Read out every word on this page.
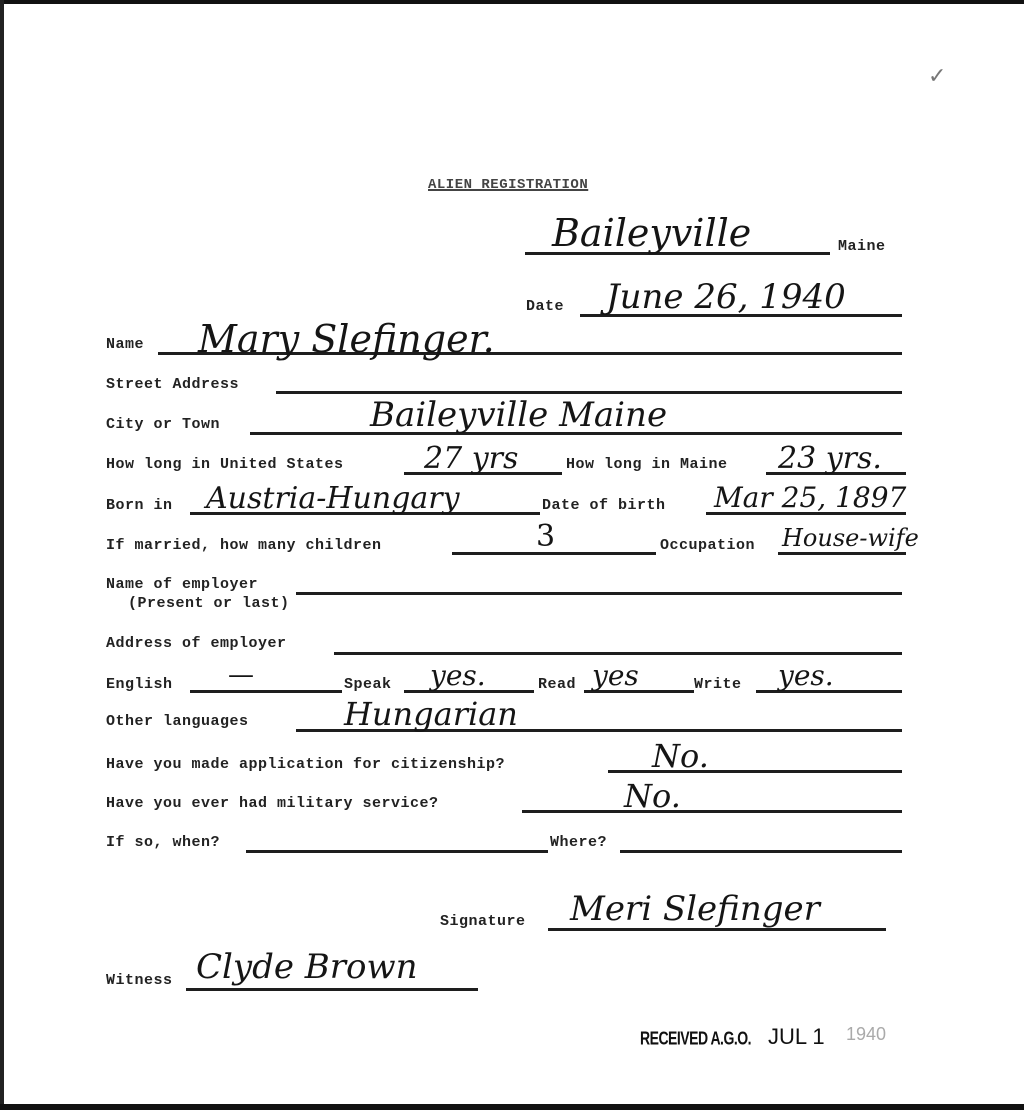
✓
ALIEN REGISTRATION
Baileyville	Maine
Date June 26, 1940
Name Mary Slefinger.
Street Address
City or Town	Baileyville Maine
How long in United States	27 yrs	How long in Maine 23 yrs.
Born in Austria-Hungary	Date of birth Mar 25, 1897
If married, how many children	3	Occupation House-wife
Name of employer
(Present or last)
Address of employer
English —	Speak yes.	Read yes	Write yes.
Other languages	Hungarian
Have you made application for citizenship?	No.
Have you ever had military service?	No.
If so, when?	Where?
Signature Meri Slefinger
Witness Clyde Brown
RECEIVED A.G.O. JUL 1 1940
